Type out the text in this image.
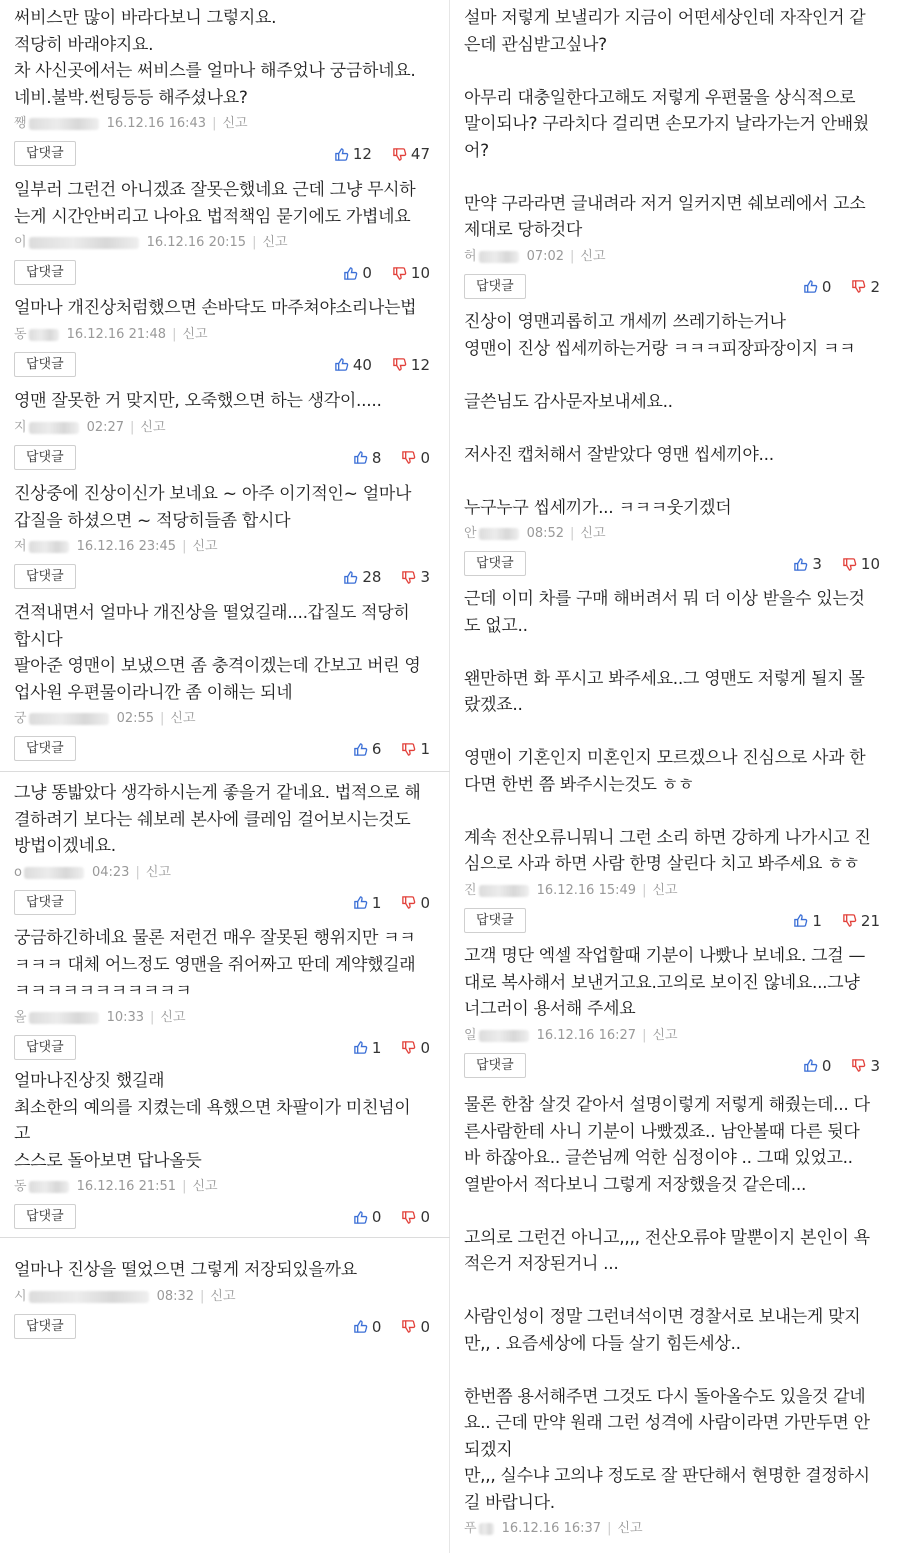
써비스만 많이 바라다보니 그렇지요.
적당히 바래야지요.
차 사신곳에서는 써비스를 얼마나 해주었나 궁금하네요.
네비.불박.썬팅등등 해주셨나요?
쨍	16.12.16 16:43 | 신고
답댓글	12	47
일부러 그런건 아니겠죠 잘못은했네요 근데 그냥 무시하
는게 시간안버리고 나아요 법적책임 묻기에도 가볍네요
이	16.12.16 20:15 | 신고
답댓글	0	10
얼마나 개진상처럼했으면 손바닥도 마주쳐야소리나는법
동	16.12.16 21:48 | 신고
답댓글	40	12
영맨 잘못한 거 맞지만, 오죽했으면 하는 생각이.....
지	02:27 | 신고
답댓글	8	0
진상중에 진상이신가 보네요 ~ 아주 이기적인~ 얼마나
갑질을 하셨으면 ~ 적당히들좀 합시다
저	16.12.16 23:45 | 신고
답댓글	28	3
견적내면서 얼마나 개진상을 떨었길래....갑질도 적당히
합시다
팔아준 영맨이 보냈으면 좀 충격이겠는데 간보고 버린 영
업사원 우편물이라니깐 좀 이해는 되네
궁	02:55 | 신고
답댓글	6	1
그냥 똥밟았다 생각하시는게 좋을거 같네요. 법적으로 해
결하려기 보다는 쉐보레 본사에 클레임 걸어보시는것도
방법이겠네요.
o	04:23 | 신고
답댓글	1	0
궁금하긴하네요 물론 저런건 매우 잘못된 행위지만 ㅋㅋ
ㅋㅋㅋ 대체 어느정도 영맨을 쥐어짜고 딴데 계약했길래
ㅋㅋㅋㅋㅋㅋㅋㅋㅋㅋㅋ
올	10:33 | 신고
답댓글	1	0
얼마나진상짓 했길래
최소한의 예의를 지켰는데 욕했으면 차팔이가 미친넘이
고
스스로 돌아보면 답나올듯
동	16.12.16 21:51 | 신고
답댓글	0	0
얼마나 진상을 떨었으면 그렇게 저장되있을까요
시	08:32 | 신고
답댓글	0	0
설마 저렇게 보낼리가 지금이 어떤세상인데 자작인거 같
은데 관심받고싶나?

아무리 대충일한다고해도 저렇게 우편물을 상식적으로
말이되나? 구라치다 걸리면 손모가지 날라가는거 안배웠
어?

만약 구라라면 글내려라 저거 일커지면 쉐보레에서 고소
제대로 당하것다
허	07:02 | 신고
답댓글	0	2
진상이 영맨괴롭히고 개세끼 쓰레기하는거나
영맨이 진상 씹세끼하는거랑 ㅋㅋㅋ피장파장이지 ㅋㅋ

글쓴님도 감사문자보내세요..

저사진 캡처해서 잘받았다 영맨 씹세끼야...

누구누구 씹세끼가... ㅋㅋㅋ웃기겠더
안	08:52 | 신고
답댓글	3	10
근데 이미 차를 구매 해버려서 뭐 더 이상 받을수 있는것
도 없고..

왠만하면 화 푸시고 봐주세요..그 영맨도 저렇게 될지 몰
랐겠죠..

영맨이 기혼인지 미혼인지 모르겠으나 진심으로 사과 한
다면 한번 쯤 봐주시는것도 ㅎㅎ

계속 전산오류니뭐니 그런 소리 하면 강하게 나가시고 진
심으로 사과 하면 사람 한명 살린다 치고 봐주세요 ㅎㅎ
진	16.12.16 15:49 | 신고
답댓글	1	21
고객 명단 엑셀 작업할때 기분이 나빴나 보네요. 그걸 —
대로 복사해서 보낸거고요.고의로 보이진 않네요...그냥
너그러이 용서해 주세요
일	16.12.16 16:27 | 신고
답댓글	0	3
물론 한참 살것 같아서 설명이렇게 저렇게 해줬는데... 다
른사람한테 사니 기분이 나빴겠죠.. 남안볼때 다른 뒷다
바 하잖아요.. 글쓴님께 억한 심정이야 .. 그때 있었고..
열받아서 적다보니 그렇게 저장했을것 같은데...

고의로 그런건 아니고,,,, 전산오류야 말뿐이지 본인이 욕
적은거 저장된거니 ...

사람인성이 정말 그런녀석이면 경찰서로 보내는게 맞지
만,, . 요즘세상에 다들 살기 힘든세상..

한번쯤 용서해주면 그것도 다시 돌아올수도 있을것 같네
요.. 근데 만약 원래 그런 성격에 사람이라면 가만두면 안
되겠지
만,,, 실수냐 고의냐 정도로 잘 판단해서 현명한 결정하시
길 바랍니다.
푸 16.12.16 16:37 | 신고
